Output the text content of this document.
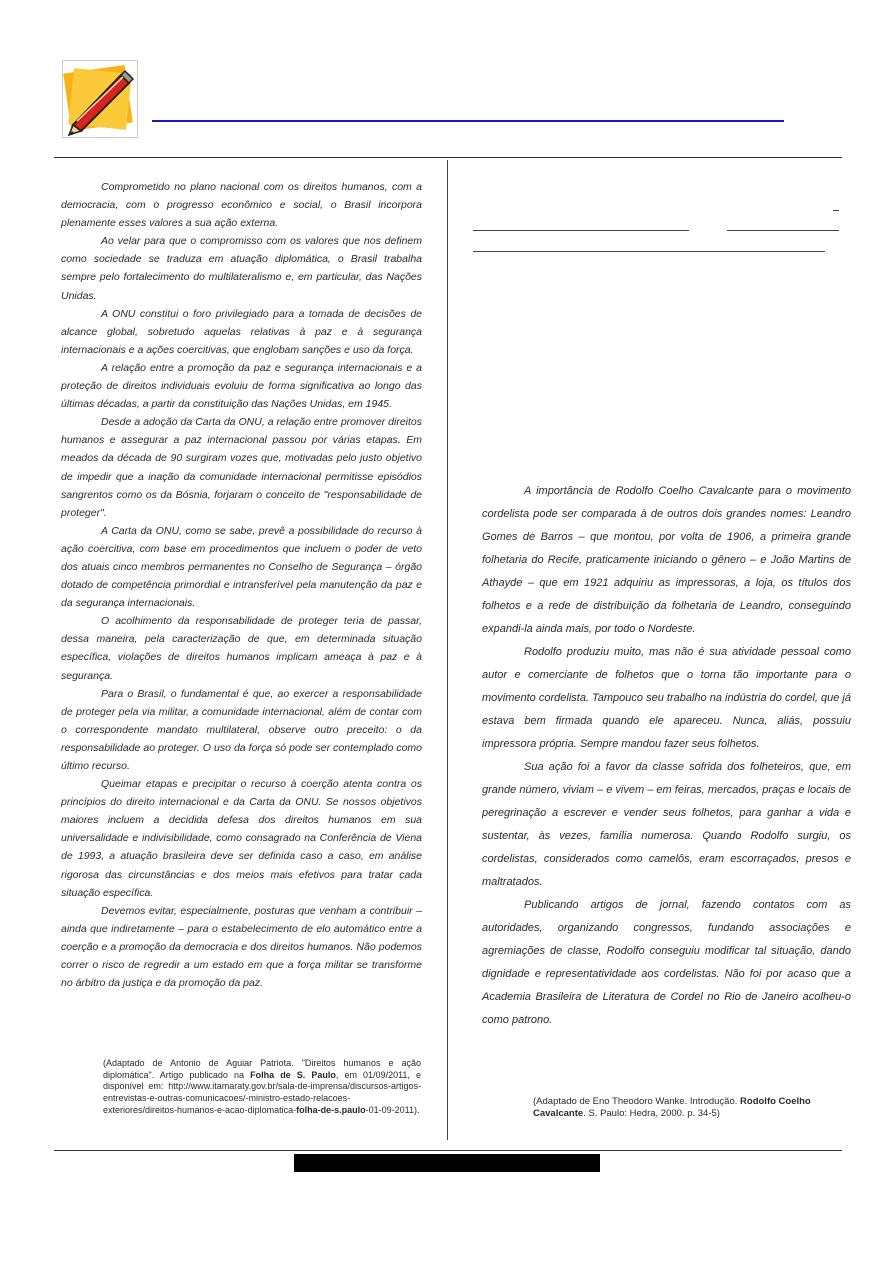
Comprometido no plano nacional com os direitos humanos, com a democracia, com o progresso econômico e social, o Brasil incorpora plenamente esses valores a sua ação externa.

Ao velar para que o compromisso com os valores que nos definem como sociedade se traduza em atuação diplomática, o Brasil trabalha sempre pelo fortalecimento do multilateralismo e, em particular, das Nações Unidas.

A ONU constitui o foro privilegiado para a tomada de decisões de alcance global, sobretudo aquelas relativas à paz e à segurança internacionais e a ações coercitivas, que englobam sanções e uso da força.

A relação entre a promoção da paz e segurança internacionais e a proteção de direitos individuais evoluiu de forma significativa ao longo das últimas décadas, a partir da constituição das Nações Unidas, em 1945.

Desde a adoção da Carta da ONU, a relação entre promover direitos humanos e assegurar a paz internacional passou por várias etapas. Em meados da década de 90 surgiram vozes que, motivadas pelo justo objetivo de impedir que a inação da comunidade internacional permitisse episódios sangrentos como os da Bósnia, forjaram o conceito de "responsabilidade de proteger".

A Carta da ONU, como se sabe, prevê a possibilidade do recurso à ação coercitiva, com base em procedimentos que incluem o poder de veto dos atuais cinco membros permanentes no Conselho de Segurança – órgão dotado de competência primordial e intransferível pela manutenção da paz e da segurança internacionais.

O acolhimento da responsabilidade de proteger teria de passar, dessa maneira, pela caracterização de que, em determinada situação específica, violações de direitos humanos implicam ameaça à paz e à segurança.

Para o Brasil, o fundamental é que, ao exercer a responsabilidade de proteger pela via militar, a comunidade internacional, além de contar com o correspondente mandato multilateral, observe outro preceito: o da responsabilidade ao proteger. O uso da força só pode ser contemplado como último recurso.

Queimar etapas e precipitar o recurso à coerção atenta contra os princípios do direito internacional e da Carta da ONU. Se nossos objetivos maiores incluem a decidida defesa dos direitos humanos em sua universalidade e indivisibilidade, como consagrado na Conferência de Viena de 1993, a atuação brasileira deve ser definida caso a caso, em análise rigorosa das circunstâncias e dos meios mais efetivos para tratar cada situação específica.

Devemos evitar, especialmente, posturas que venham a contribuir – ainda que indiretamente – para o estabelecimento de elo automático entre a coerção e a promoção da democracia e dos direitos humanos. Não podemos correr o risco de regredir a um estado em que a força militar se transforme no árbitro da justiça e da promoção da paz.

(Adaptado de Antonio de Aguiar Patriota. "Direitos humanos e ação diplomática". Artigo publicado na Folha de S. Paulo, em 01/09/2011, e disponível em: http://www.itamaraty.gov.br/sala-de-imprensa/discursos-artigos-entrevistas-e-outras-comunicacoes/-ministro-estado-relacoes-exteriores/direitos-humanos-e-acao-diplomatica-folha-de-s.paulo-01-09-2011).

A importância de Rodolfo Coelho Cavalcante para o movimento cordelista pode ser comparada à de outros dois grandes nomes: Leandro Gomes de Barros – que montou, por volta de 1906, a primeira grande folhetaria do Recife, praticamente iniciando o gênero – e João Martins de Athayde – que em 1921 adquiriu as impressoras, a loja, os títulos dos folhetos e a rede de distribuição da folhetaria de Leandro, conseguindo expandi-la ainda mais, por todo o Nordeste.

Rodolfo produziu muito, mas não é sua atividade pessoal como autor e comerciante de folhetos que o torna tão importante para o movimento cordelista. Tampouco seu trabalho na indústria do cordel, que já estava bem firmada quando ele apareceu. Nunca, aliás, possuiu impressora própria. Sempre mandou fazer seus folhetos.

Sua ação foi a favor da classe sofrida dos folheteiros, que, em grande número, viviam – e vivem – em feiras, mercados, praças e locais de peregrinação a escrever e vender seus folhetos, para ganhar a vida e sustentar, às vezes, família numerosa. Quando Rodolfo surgiu, os cordelistas, considerados como camelôs, eram escorraçados, presos e maltratados.

Publicando artigos de jornal, fazendo contatos com as autoridades, organizando congressos, fundando associações e agremiações de classe, Rodolfo conseguiu modificar tal situação, dando dignidade e representatividade aos cordelistas. Não foi por acaso que a Academia Brasileira de Literatura de Cordel no Rio de Janeiro acolheu-o como patrono.

(Adaptado de Eno Theodoro Wanke. Introdução. Rodolfo Coelho Cavalcante. S. Paulo: Hedra, 2000. p. 34-5)
